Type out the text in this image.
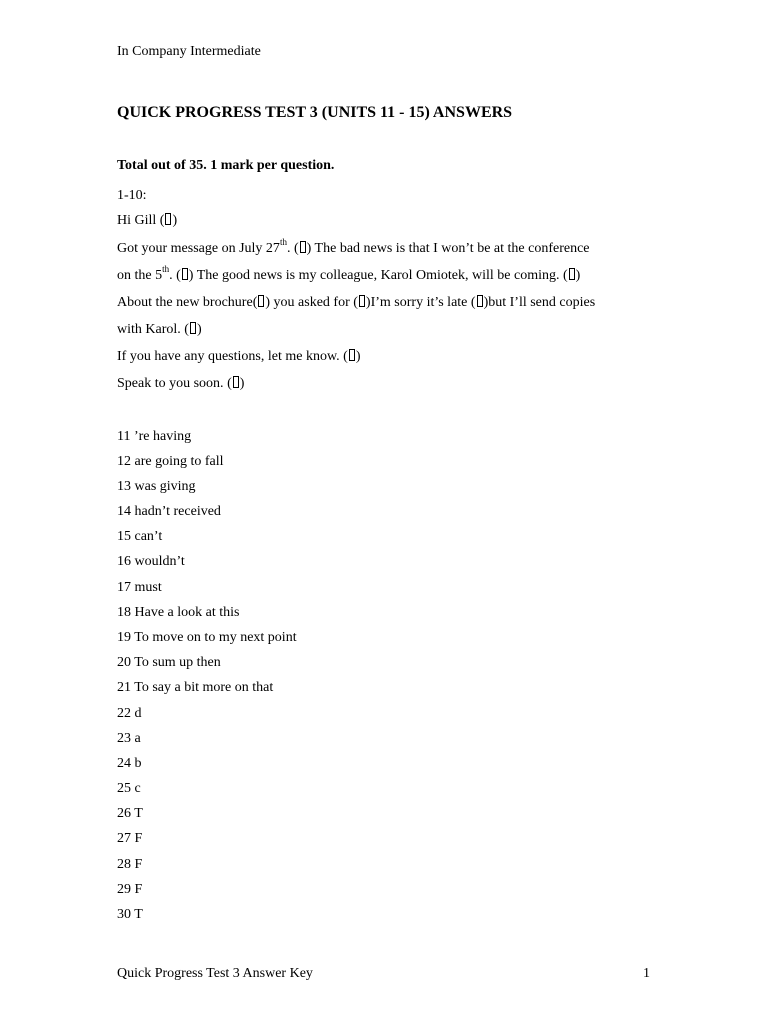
In Company Intermediate
QUICK PROGRESS TEST 3 (UNITS 11 - 15) ANSWERS
Total out of 35. 1 mark per question.
1-10:
Hi Gill ( )
Got your message on July 27th. ( ) The bad news is that I won’t be at the conference
on the 5th. ( ) The good news is my colleague, Karol Omiotek, will be coming. ( )
About the new brochure( ) you asked for ( )I’m sorry it’s late ( )but I’ll send copies
with Karol. ( )
If you have any questions, let me know. ( )
Speak to you soon. ( )
11 ’re having
12 are going to fall
13 was giving
14 hadn’t received
15 can’t
16 wouldn’t
17 must
18 Have a look at this
19 To move on to my next point
20 To sum up then
21 To say a bit more on that
22 d
23 a
24 b
25 c
26 T
27 F
28 F
29 F
30 T
Quick Progress Test 3 Answer Key	1
